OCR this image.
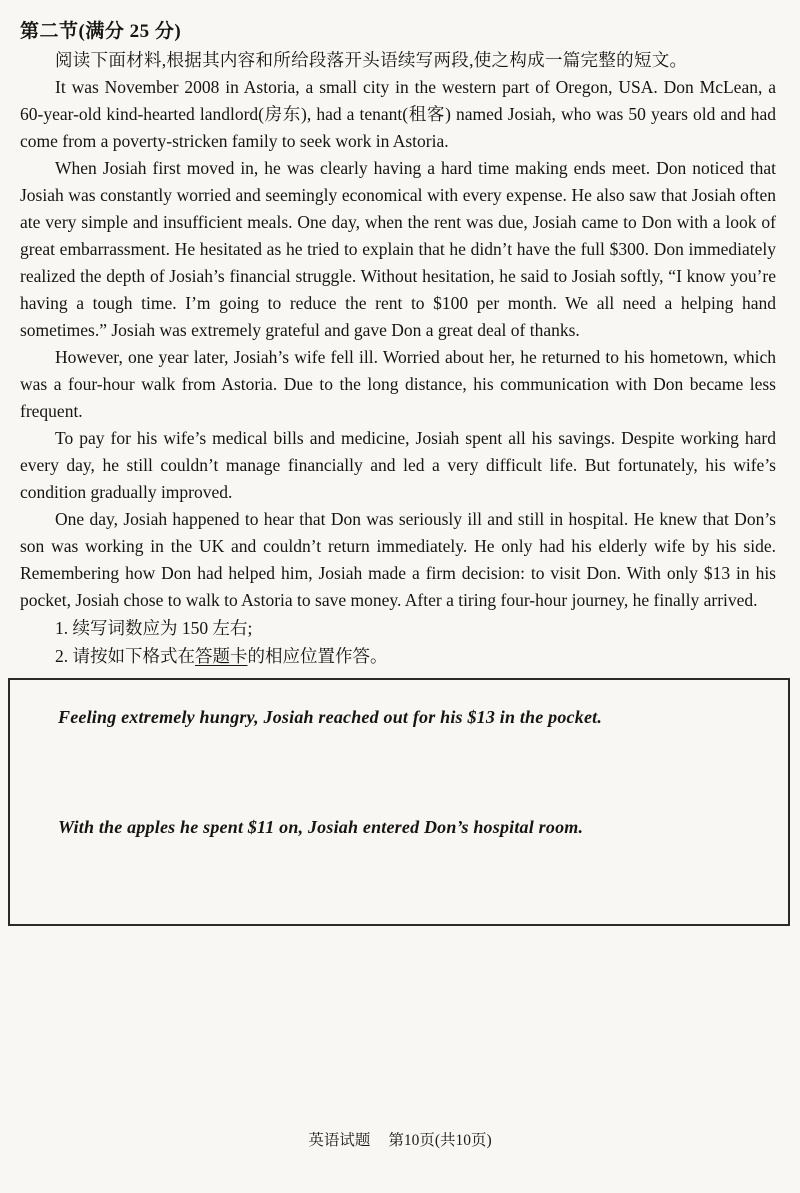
第二节(满分 25 分)

阅读下面材料,根据其内容和所给段落开头语续写两段,使之构成一篇完整的短文。

It was November 2008 in Astoria, a small city in the western part of Oregon, USA. Don McLean, a 60-year-old kind-hearted landlord(房东), had a tenant(租客) named Josiah, who was 50 years old and had come from a poverty-stricken family to seek work in Astoria.

When Josiah first moved in, he was clearly having a hard time making ends meet. Don noticed that Josiah was constantly worried and seemingly economical with every expense. He also saw that Josiah often ate very simple and insufficient meals. One day, when the rent was due, Josiah came to Don with a look of great embarrassment. He hesitated as he tried to explain that he didn’t have the full $300. Don immediately realized the depth of Josiah’s financial struggle. Without hesitation, he said to Josiah softly, “I know you’re having a tough time. I’m going to reduce the rent to $100 per month. We all need a helping hand sometimes.” Josiah was extremely grateful and gave Don a great deal of thanks.

However, one year later, Josiah’s wife fell ill. Worried about her, he returned to his hometown, which was a four-hour walk from Astoria. Due to the long distance, his communication with Don became less frequent.

To pay for his wife’s medical bills and medicine, Josiah spent all his savings. Despite working hard every day, he still couldn’t manage financially and led a very difficult life. But fortunately, his wife’s condition gradually improved.

One day, Josiah happened to hear that Don was seriously ill and still in hospital. He knew that Don’s son was working in the UK and couldn’t return immediately. He only had his elderly wife by his side. Remembering how Don had helped him, Josiah made a firm decision: to visit Don. With only $13 in his pocket, Josiah chose to walk to Astoria to save money. After a tiring four-hour journey, he finally arrived.

1. 续写词数应为 150 左右;

2. 请按如下格式在答题卡的相应位置作答。

Feeling extremely hungry, Josiah reached out for his $13 in the pocket.

With the apples he spent $11 on, Josiah entered Don’s hospital room.

英语试题 第10页(共10页)
